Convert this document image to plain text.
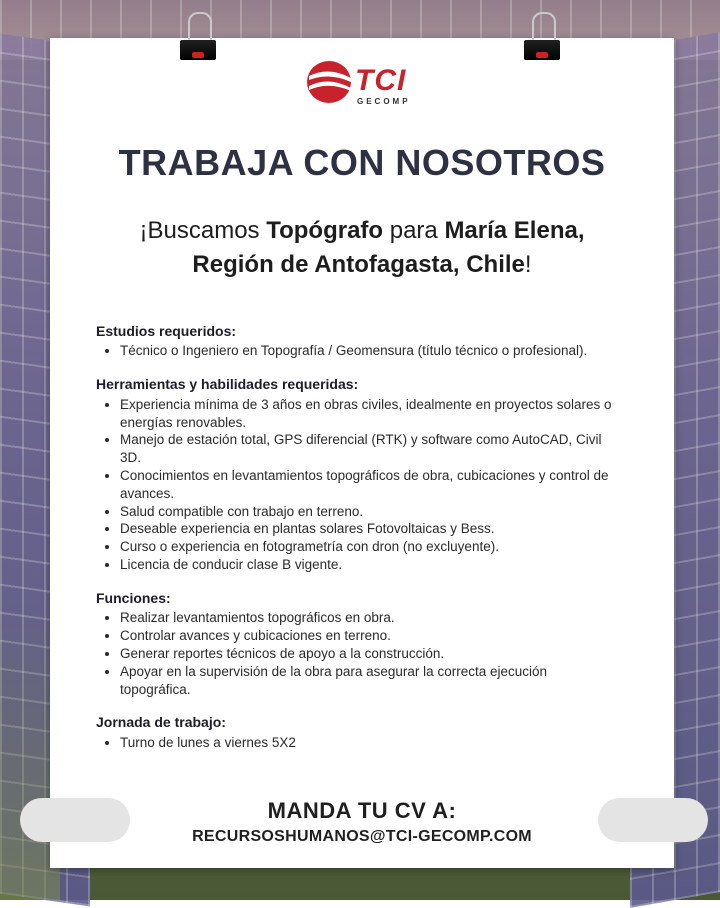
TCI
GECOMP
TRABAJA CON NOSOTROS
¡Buscamos Topógrafo para María Elena,
Región de Antofagasta, Chile!

Estudios requeridos:

• Técnico o Ingeniero en Topografía / Geomensura (título técnico o profesional).

Herramientas y habilidades requeridas:

• Experiencia mínima de 3 años en obras civiles, idealmente en proyectos solares o energías renovables.
• Manejo de estación total, GPS diferencial (RTK) y software como AutoCAD, Civil 3D.
• Conocimientos en levantamientos topográficos de obra, cubicaciones y control de avances.
• Salud compatible con trabajo en terreno.
• Deseable experiencia en plantas solares Fotovoltaicas y Bess.
• Curso o experiencia en fotogrametría con dron (no excluyente).
• Licencia de conducir clase B vigente.

Funciones:

• Realizar levantamientos topográficos en obra.
• Controlar avances y cubicaciones en terreno.
• Generar reportes técnicos de apoyo a la construcción.
• Apoyar en la supervisión de la obra para asegurar la correcta ejecución topográfica.

Jornada de trabajo:

• Turno de lunes a viernes 5X2
MANDA TU CV A:
RECURSOSHUMANOS@TCI-GECOMP.COM
